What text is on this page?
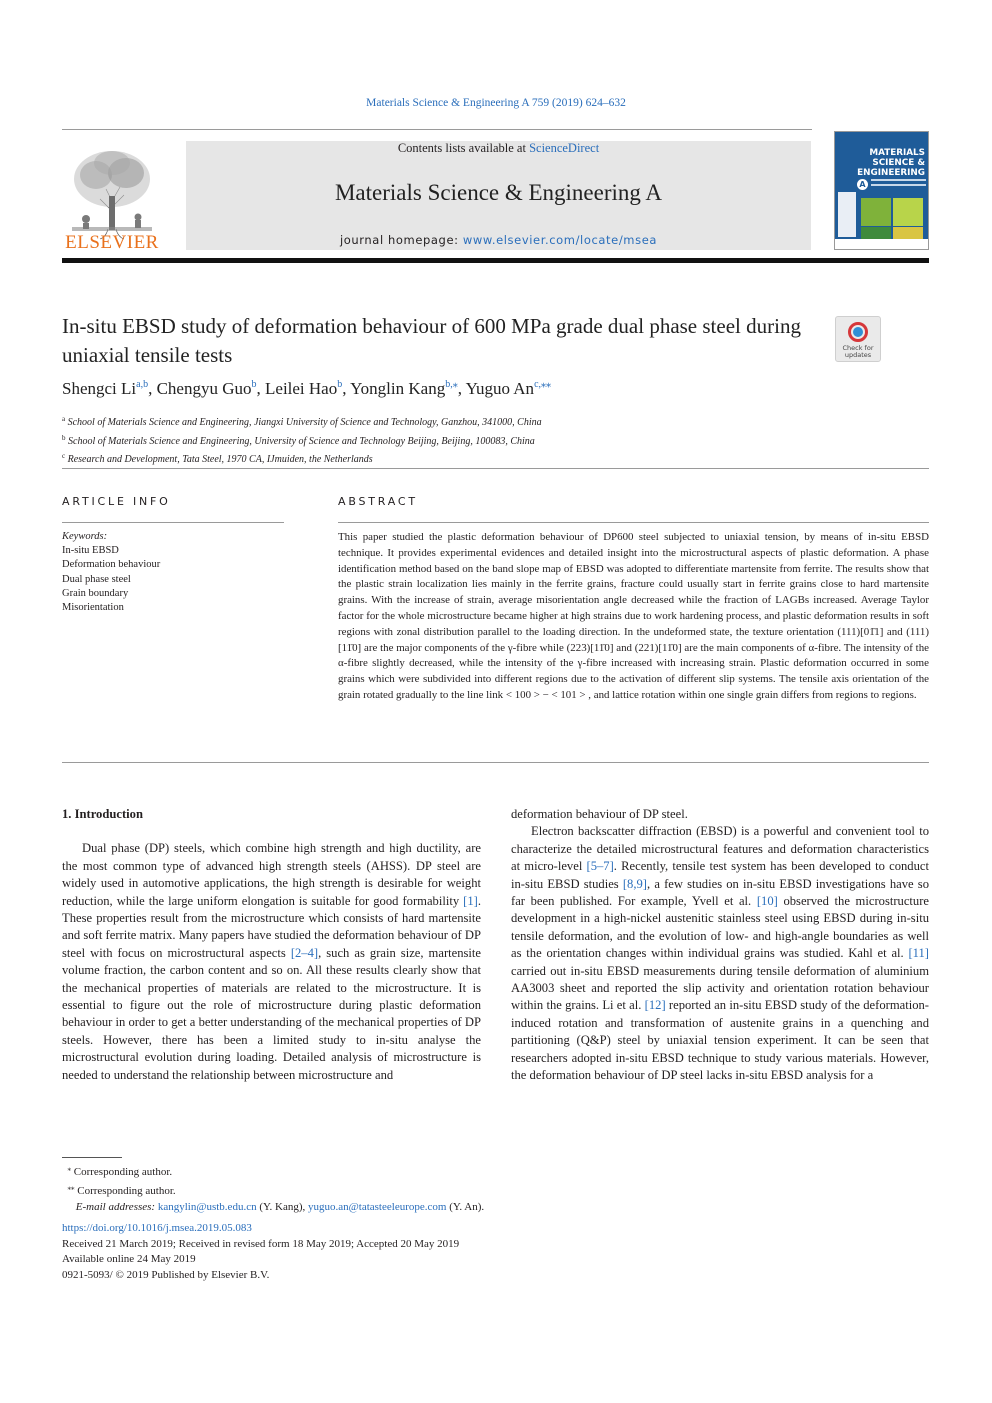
Materials Science & Engineering A 759 (2019) 624–632
ELSEVIER
Contents lists available at ScienceDirect
Materials Science & Engineering A
journal homepage: www.elsevier.com/locate/msea
MATERIALS SCIENCE & ENGINEERING
A
In-situ EBSD study of deformation behaviour of 600 MPa grade dual phase steel during uniaxial tensile tests	Check for updates
Shengci Li$^{a,b}$, Chengyu Guo$^b$, Leilei Hao$^b$, Yonglin Kang$^{b,⁎}$, Yuguo $An^{c,⁎⁎}$
$^a$ School of Materials Science and Engineering, Jiangxi University of Science and Technology, Ganzhou, 341000, China
$^b$ School of Materials Science and Engineering, University of Science and Technology Beijing, Beijing, 100083, China
$^c$ Research and Development, Tata Steel, 1970 CA, IJmuiden, the Netherlands
ARTICLE INFO
Keywords:
In-situ EBSD
Deformation behaviour
Dual phase steel
Grain boundary
Misorientation
ABSTRACT
This paper studied the plastic deformation behaviour of DP600 steel subjected to uniaxial tension, by means of in-situ EBSD technique. It provides experimental evidences and detailed insight into the microstructural aspects of plastic deformation. A phase identification method based on the band slope map of EBSD was adopted to differentiate martensite from ferrite. The results show that the plastic strain localization lies mainly in the ferrite grains, fracture could usually start in ferrite grains close to hard martensite grains. With the increase of strain, average misorientation angle decreased while the fraction of LAGBs increased. Average Taylor factor for the whole microstructure became higher at high strains due to work hardening process, and plastic deformation results in soft regions with zonal distribution parallel to the loading direction. In the undeformed state, the texture orientation (111)[01̄1] and (111)[11̄0] are the major components of the γ-fibre while (223)[11̄0] and (221)[11̄0] are the main components of α-fibre. The intensity of the α-fibre slightly decreased, while the intensity of the γ-fibre increased with increasing strain. Plastic deformation occurred in some grains which were subdivided into different regions due to the activation of different slip systems. The tensile axis orientation of the grain rotated gradually to the line link < 100 > − < 101 > , and lattice rotation within one single grain differs from regions to regions.
1. Introduction

Dual phase (DP) steels, which combine high strength and high ductility, are the most common type of advanced high strength steels (AHSS). DP steel are widely used in automotive applications, the high strength is desirable for weight reduction, while the large uniform elongation is suitable for good formability [1]. These properties result from the microstructure which consists of hard martensite and soft ferrite matrix. Many papers have studied the deformation behaviour of DP steel with focus on microstructural aspects [2–4], such as grain size, martensite volume fraction, the carbon content and so on. All these results clearly show that the mechanical properties of materials are related to the microstructure. It is essential to figure out the role of microstructure during plastic deformation behaviour in order to get a better understanding of the mechanical properties of DP steels. However, there has been a limited study to in-situ analyse the microstructural evolution during loading. Detailed analysis of microstructure is needed to understand the relationship between microstructure and

deformation behaviour of DP steel.

Electron backscatter diffraction (EBSD) is a powerful and convenient tool to characterize the detailed microstructural features and deformation characteristics at micro-level [5–7]. Recently, tensile test system has been developed to conduct in-situ EBSD studies [8,9], a few studies on in-situ EBSD investigations have so far been published. For example, Yvell et al. [10] observed the microstructure development in a high-nickel austenitic stainless steel using EBSD during in-situ tensile deformation, and the evolution of low- and high-angle boundaries as well as the orientation changes within individual grains was studied. Kahl et al. [11] carried out in-situ EBSD measurements during tensile deformation of aluminium AA3003 sheet and reported the slip activity and orientation rotation behaviour within the grains. Li et al. [12] reported an in-situ EBSD study of the deformation-induced rotation and transformation of austenite grains in a quenching and partitioning (Q&P) steel by uniaxial tension experiment. It can be seen that researchers adopted in-situ EBSD technique to study various materials. However, the deformation behaviour of DP steel lacks in-situ EBSD analysis for a

⁎ Corresponding author.
⁎⁎ Corresponding author.
E-mail addresses: kangylin@ustb.edu.cn (Y. Kang), yuguo.an@tatasteeleurope.com (Y. An).
https://doi.org/10.1016/j.msea.2019.05.083
Received 21 March 2019; Received in revised form 18 May 2019; Accepted 20 May 2019
Available online 24 May 2019
0921-5093/ © 2019 Published by Elsevier B.V.
